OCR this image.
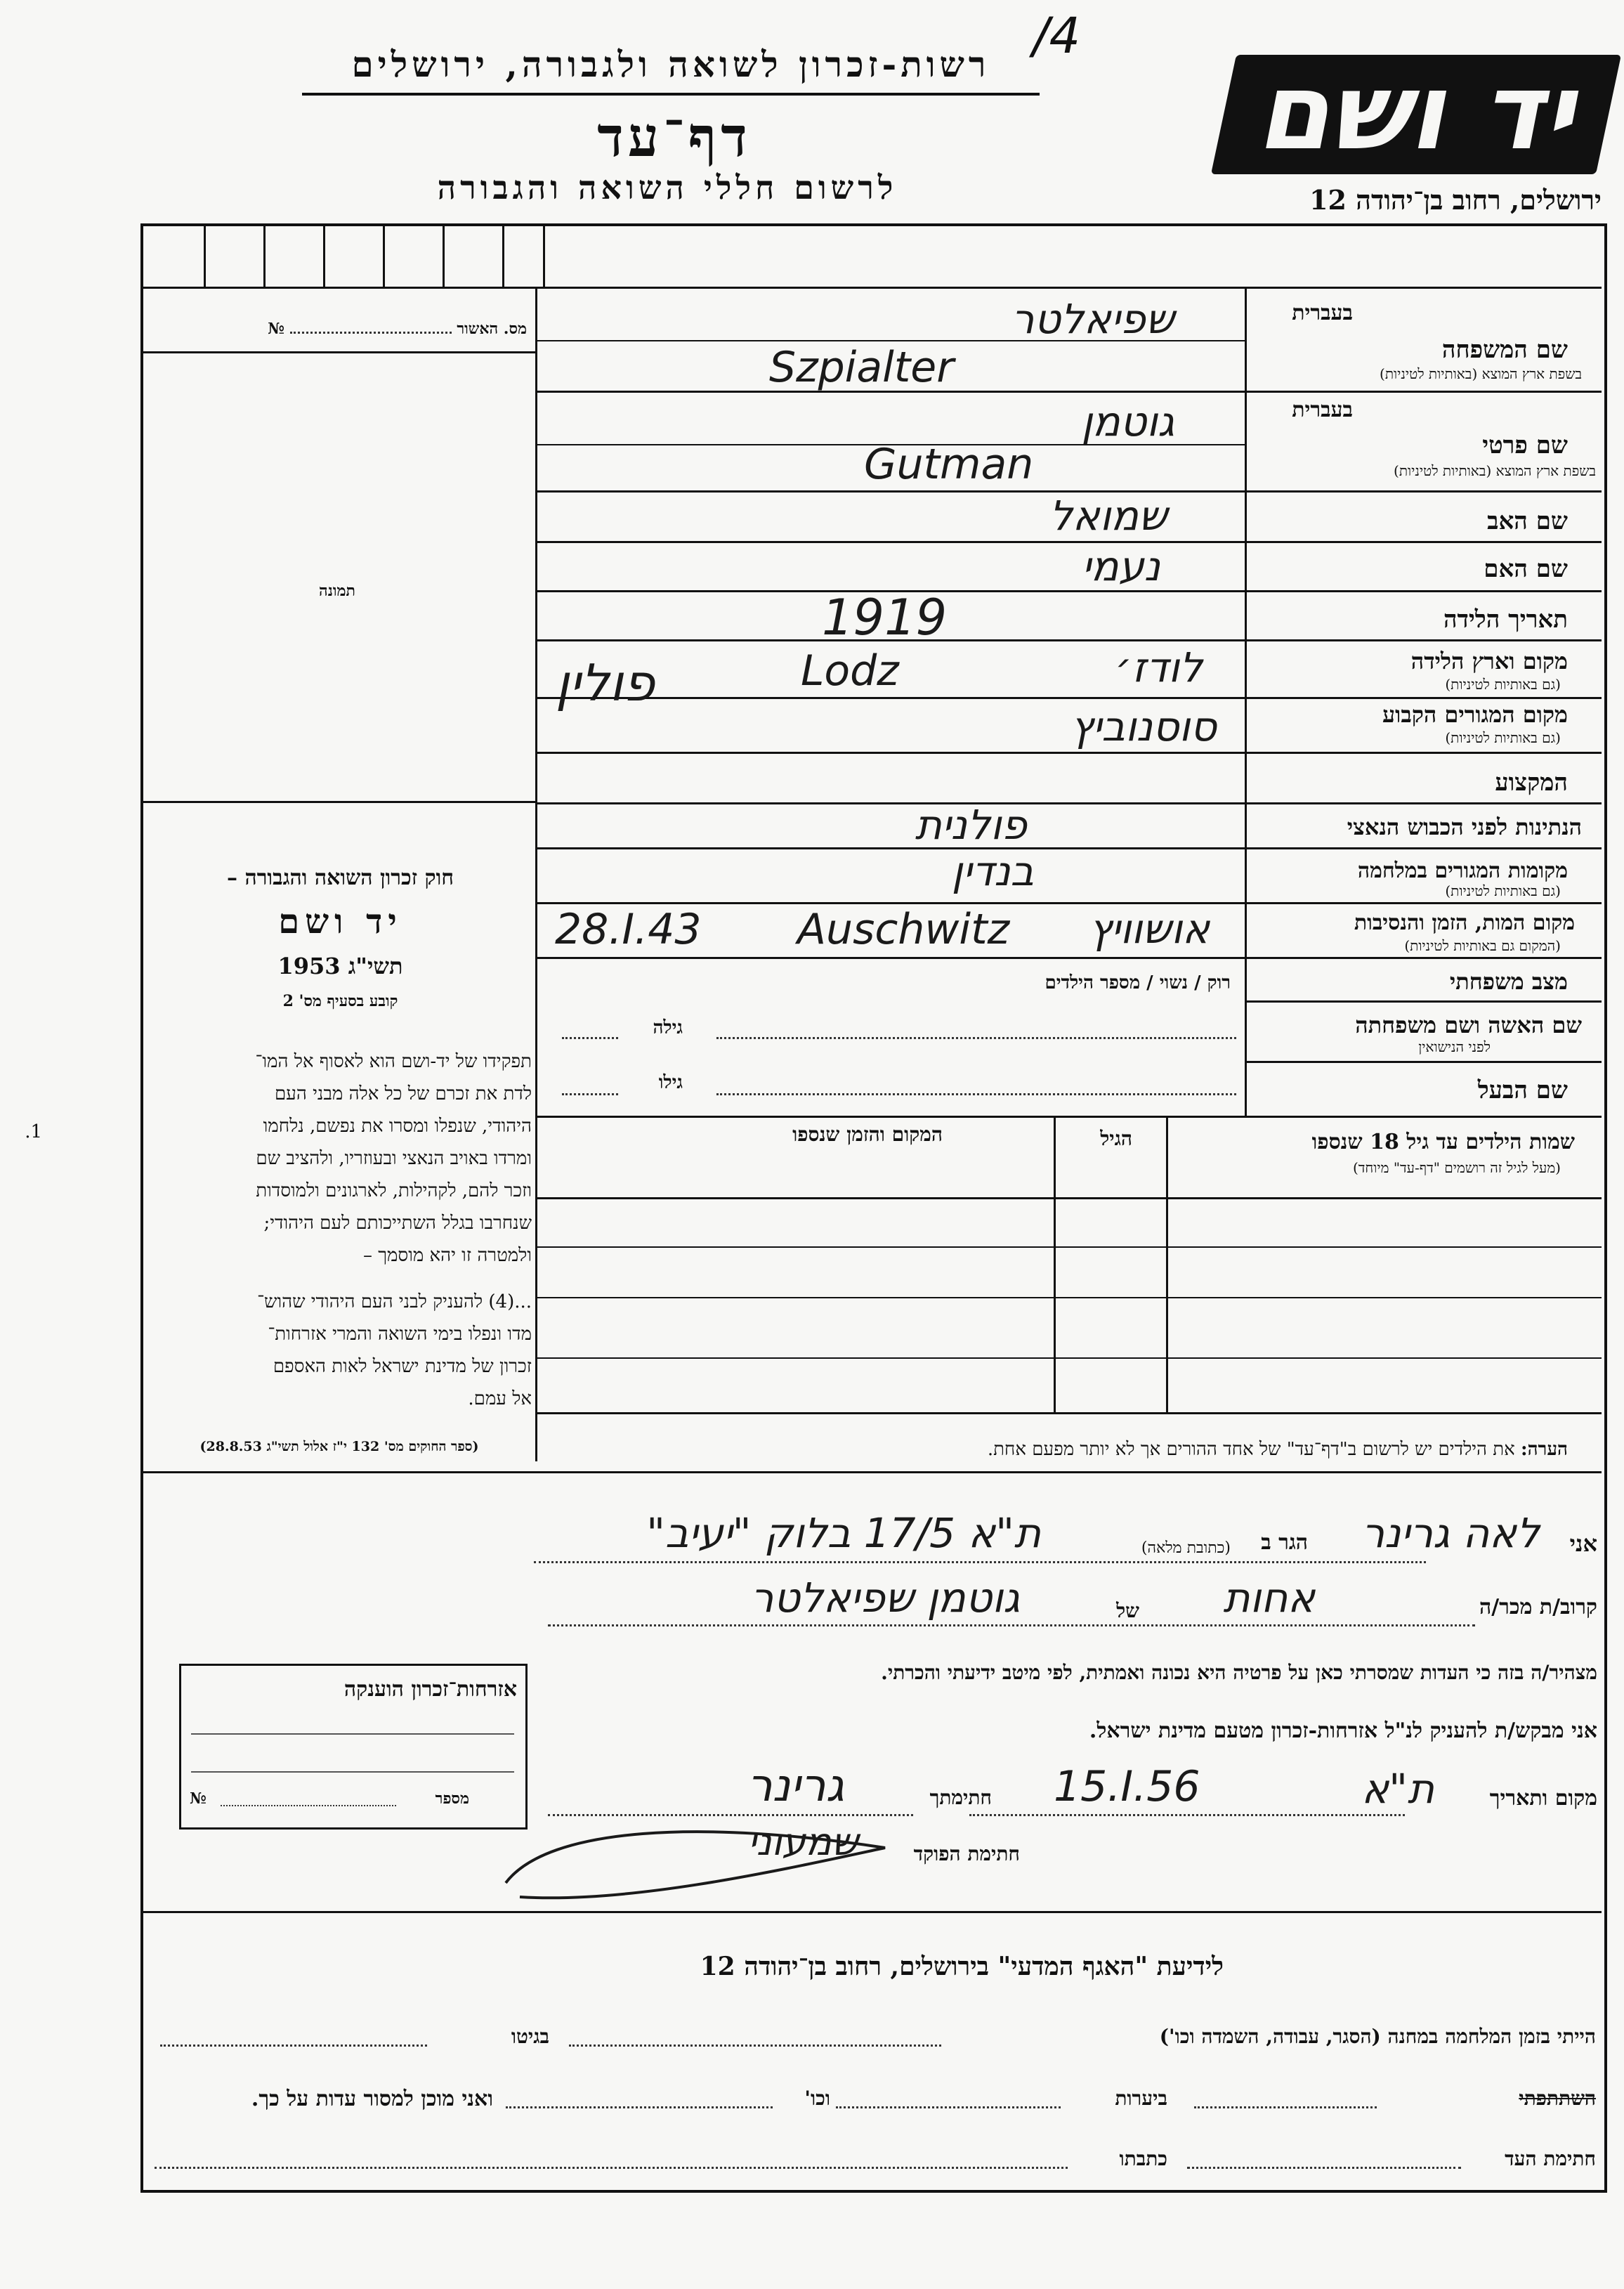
/4
רשות-זכרון לשואה ולגבורה, ירושלים
דף־עד
לרשום חללי השואה והגבורה	ירושלים, רחוב בן־יהודה 12
יד ושם
מס. האשור  №
תמונה
חוק זכרון השואה והגבורה –
יד ושם
תשי"ג 1953
קובע בסעיף מס' 2

תפקידו של יד-ושם הוא לאסוף אל המו־

לדת את זכרם של כל אלה מבני העם

היהודי, שנפלו ומסרו את נפשם, נלחמו

ומרדו באויב הנאצי ובעוזריו, ולהציב שם

וזכר להם, לקהילות, לארגונים ולמוסדות

שנחרבו בגלל השתייכותם לעם היהודי;

ולמטרה זו יהא מוסמך –

...(4) להעניק לבני העם היהודי שהוש־

מדו ונפלו בימי השואה והמרי אזרחות־

זכרון של מדינת ישראל לאות האספם

אל עמם.

(ספר החוקים מס' 132 י"ז אלול תשי"ג 28.8.53)
בעברית
שם המשפחה
בשפת ארץ המוצא (באותיות לטיניות)
שפיאלטר
Szpialter
בעברית
שם פרטי
בשפת ארץ המוצא (באותיות לטיניות)
גוטמן
Gutman
שם האב
שמואל
שם האם
נעמי
תאריך הלידה
1919
מקום וארץ הלידה
(גם באותיות לטיניות)
לודז׳
Lodz
פולין
מקום המגורים הקבוע
(גם באותיות לטיניות)
סוסנוביץ
המקצוע
הנתינות לפני הכבוש הנאצי
פולנית
מקומות המגורים במלחמה
(גם באותיות לטיניות)
בנדין
מקום המות, הזמן והנסיבות
(המקום גם באותיות לטיניות)
28.I.43 Auschwitz אושוויץ
מצב משפחתי
רוק / נשוי / מספר הילדים
שם האשה ושם משפחתה
לפני הנישואין
גילה
שם הבעל
גילו
שמות הילדים עד גיל 18 שנספו
(מעל לגיל זה רושמים "דף-עד" מיוחד)
1.	הגיל
המקום והזמן שנספו
הערה: את הילדים יש לרשום ב"דף־עד" של אחד ההורים אך לא יותר מפעם אחת.
אני
לאה גרינר
הגר ב
(כתובת מלאה)
ת"א 17/5 בלוק "יעיב"
קרוב/ת מכר/ה
אחות
של
גוטמן שפיאלטר
מצהיר/ה בזה כי העדות שמסרתי כאן על פרטיה היא נכונה ואמתית, לפי מיטב ידיעתי והכרתי.
אני מבקש/ת להעניק לנ"ל אזרחות-זכרון מטעם מדינת ישראל.
מקום ותאריך
ת"א
15.I.56
חתימתך
גרינר
חתימת הפוקד
שמעוני
אזרחות־זכרון הוענקה
מספר
№
לידיעת "האגף המדעי" בירושלים, רחוב בן־יהודה 12
הייתי בזמן המלחמה במחנה (הסגר, עבודה, השמדה וכו')
בגיטו
השתתפתי
ביערות
וכו'
ואני מוכן למסור עדות על כך.
חתימת העד
כתבתו
